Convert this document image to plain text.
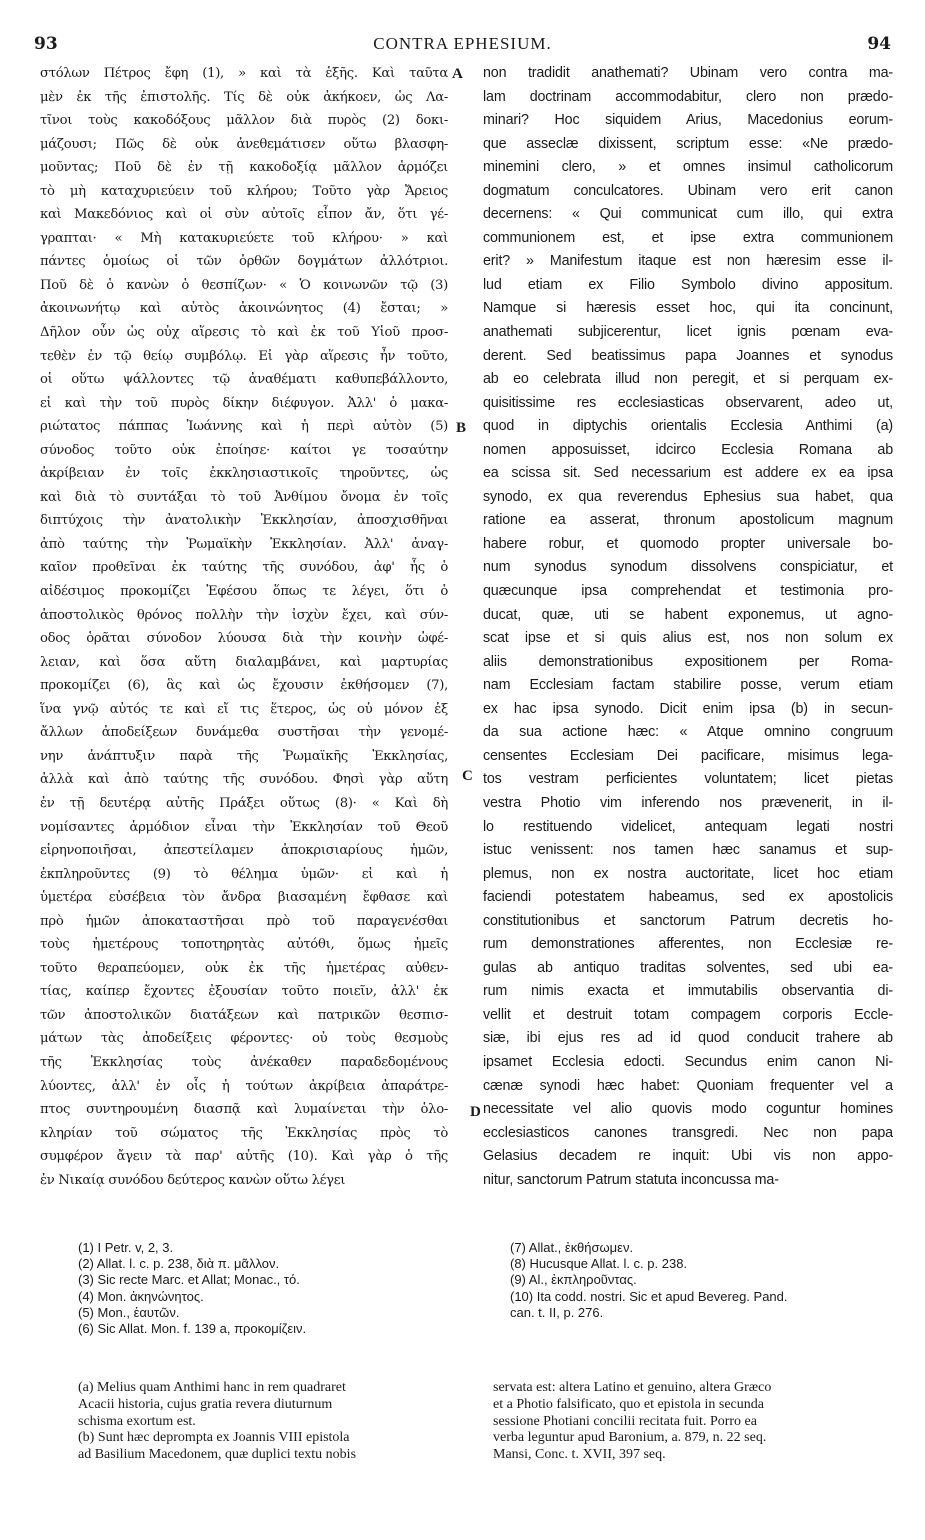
93	CONTRA EPHESIUM.	94
στόλων Πέτρος ἔφη (1), » καὶ τὰ ἑξῆς. Καὶ ταῦτα
μὲν ἐκ τῆς ἐπιστολῆς. Τίς δὲ οὐκ ἀκήκοεν, ὡς Λα-
τῖνοι τοὺς κακοδόξους μᾶλλον διὰ πυρὸς (2) δοκι-
μάζουσι; Πῶς δὲ οὐκ ἀνεθεμάτισεν οὕτω βλασφη-
μοῦντας; Ποῦ δὲ ἐν τῇ κακοδοξίᾳ μᾶλλον ἁρμόζει
τὸ μὴ καταχυριεύειν τοῦ κλήρου; Τοῦτο γὰρ Ἄρειος
καὶ Μακεδόνιος καὶ οἱ σὺν αὐτοῖς εἶπον ἄν, ὅτι γέ-
γραπται· « Μὴ κατακυριεύετε τοῦ κλήρου· » καὶ
πάντες ὁμοίως οἱ τῶν ὀρθῶν δογμάτων ἀλλότριοι.
Ποῦ δὲ ὁ κανὼν ὁ θεσπίζων· « Ὁ κοινωνῶν τῷ (3)
ἀκοινωνήτῳ καὶ αὐτὸς ἀκοινώνητος (4) ἔσται; »
Δῆλον οὖν ὡς οὐχ αἵρεσις τὸ καὶ ἐκ τοῦ Υἱοῦ προσ-
τεθὲν ἐν τῷ θείῳ συμβόλῳ. Εἰ γὰρ αἵρεσις ἦν τοῦτο,
οἱ οὕτω ψάλλοντες τῷ ἀναθέματι καθυπεβάλλοντο,
εἰ καὶ τὴν τοῦ πυρὸς δίκην διέφυγον. Ἀλλ' ὁ μακα-
ριώτατος πάππας Ἰωάννης καὶ ἡ περὶ αὐτὸν (5)
σύνοδος τοῦτο οὐκ ἐποίησε· καίτοι γε τοσαύτην
ἀκρίβειαν ἐν τοῖς ἐκκλησιαστικοῖς τηροῦντες, ὡς
καὶ διὰ τὸ συντάξαι τὸ τοῦ Ἀνθίμου ὄνομα ἐν τοῖς
διπτύχοις τὴν ἀνατολικὴν Ἐκκλησίαν, ἀποσχισθῆναι
ἀπὸ ταύτης τὴν Ῥωμαϊκὴν Ἐκκλησίαν. Ἀλλ' ἀναγ-
καῖον προθεῖναι ἐκ ταύτης τῆς συνόδου, ἀφ' ἧς ὁ
αἰδέσιμος προκομίζει Ἐφέσου ὅπως τε λέγει, ὅτι ὁ
ἀποστολικὸς θρόνος πολλὴν τὴν ἰσχὺν ἔχει, καὶ σύν-
οδος ὁρᾶται σύνοδον λύουσα διὰ τὴν κοινὴν ὠφέ-
λειαν, καὶ ὅσα αὕτη διαλαμβάνει, καὶ μαρτυρίας
προκομίζει (6), ἃς καὶ ὡς ἔχουσιν ἐκθήσομεν (7),
ἵνα γνῷ αὐτός τε καὶ εἴ τις ἕτερος, ὡς οὐ μόνον ἐξ
ἄλλων ἀποδείξεων δυνάμεθα συστῆσαι τὴν γενομέ-
νην ἀνάπτυξιν παρὰ τῆς Ῥωμαϊκῆς Ἐκκλησίας,
ἀλλὰ καὶ ἀπὸ ταύτης τῆς συνόδου. Φησὶ γὰρ αὕτη
ἐν τῇ δευτέρᾳ αὐτῆς Πράξει οὕτως (8)· « Καὶ δὴ
νομίσαντες ἁρμόδιον εἶναι τὴν Ἐκκλησίαν τοῦ Θεοῦ
εἰρηνοποιῆσαι, ἀπεστείλαμεν ἀποκρισιαρίους ἡμῶν,
ἐκπληροῦντες (9) τὸ θέλημα ὑμῶν· εἰ καὶ ἡ
ὑμετέρα εὐσέβεια τὸν ἄνδρα βιασαμένη ἔφθασε καὶ
πρὸ ἡμῶν ἀποκαταστῆσαι πρὸ τοῦ παραγενέσθαι
τοὺς ἡμετέρους τοποτηρητὰς αὐτόθι, ὅμως ἡμεῖς
τοῦτο θεραπεύομεν, οὐκ ἐκ τῆς ἡμετέρας αὐθεν-
τίας, καίπερ ἔχοντες ἐξουσίαν τοῦτο ποιεῖν, ἀλλ' ἐκ
τῶν ἀποστολικῶν διατάξεων καὶ πατρικῶν θεσπισ-
μάτων τὰς ἀποδείξεις φέροντες· οὐ τοὺς θεσμοὺς
τῆς Ἐκκλησίας τοὺς ἀνέκαθεν παραδεδομένους
λύοντες, ἀλλ' ἐν οἷς ἡ τούτων ἀκρίβεια ἀπαράτρε-
πτος συντηρουμένη διασπᾷ καὶ λυμαίνεται τὴν ὁλο-
κληρίαν τοῦ σώματος τῆς Ἐκκλησίας πρὸς τὸ
συμφέρον ἄγειν τὰ παρ' αὐτῆς (10). Καὶ γὰρ ὁ τῆς
ἐν Νικαίᾳ συνόδου δεύτερος κανὼν οὕτω λέγει
non tradidit anathemati? Ubinam vero contra ma-
lam doctrinam accommodabitur, clero non prædo-
minari? Hoc siquidem Arius, Macedonius eorum-
que asseclæ dixissent, scriptum esse: «Ne prædo-
minemini clero, » et omnes insimul catholicorum
dogmatum conculcatores. Ubinam vero erit canon
decernens: « Qui communicat cum illo, qui extra
communionem est, et ipse extra communionem
erit? » Manifestum itaque est non hæresim esse il-
lud etiam ex Filio Symbolo divino appositum.
Namque si hæresis esset hoc, qui ita concinunt,
anathemati subjicerentur, licet ignis pœnam eva-
derent. Sed beatissimus papa Joannes et synodus
ab eo celebrata illud non peregit, et si perquam ex-
quisitissime res ecclesiasticas observarent, adeo ut,
quod in diptychis orientalis Ecclesia Anthimi (a)
nomen apposuisset, idcirco Ecclesia Romana ab
ea scissa sit. Sed necessarium est addere ex ea ipsa
synodo, ex qua reverendus Ephesius sua habet, qua
ratione ea asserat, thronum apostolicum magnum
habere robur, et quomodo propter universale bo-
num synodus synodum dissolvens conspiciatur, et
quæcunque ipsa comprehendat et testimonia pro-
ducat, quæ, uti se habent exponemus, ut agno-
scat ipse et si quis alius est, nos non solum ex
aliis demonstrationibus expositionem per Roma-
nam Ecclesiam factam stabilire posse, verum etiam
ex hac ipsa synodo. Dicit enim ipsa (b) in secun-
da sua actione hæc: « Atque omnino congruum
censentes Ecclesiam Dei pacificare, misimus lega-
tos vestram perficientes voluntatem; licet pietas
vestra Photio vim inferendo nos prævenerit, in il-
lo restituendo videlicet, antequam legati nostri
istuc venissent: nos tamen hæc sanamus et sup-
plemus, non ex nostra auctoritate, licet hoc etiam
faciendi potestatem habeamus, sed ex apostolicis
constitutionibus et sanctorum Patrum decretis ho-
rum demonstrationes afferentes, non Ecclesiæ re-
gulas ab antiquo traditas solventes, sed ubi ea-
rum nimis exacta et immutabilis observantia di-
vellit et destruit totam compagem corporis Eccle-
siæ, ibi ejus res ad id quod conducit trahere ab
ipsamet Ecclesia edocti. Secundus enim canon Ni-
cænæ synodi hæc habet: Quoniam frequenter vel a
necessitate vel alio quovis modo coguntur homines
ecclesiasticos canones transgredi. Nec non papa
Gelasius decadem re inquit: Ubi vis non appo-
nitur, sanctorum Patrum statuta inconcussa ma-
A
B
C
D
(1) I Petr. v, 2, 3.
(2) Allat. l. c. p. 238, διὰ π. μᾶλλον.
(3) Sic recte Marc. et Allat; Monac., τό.
(4) Mon. ἀκηνώνητος.
(5) Mon., ἑαυτῶν.
(6) Sic Allat. Mon. f. 139 a, προκομίζειν.
(7) Allat., ἐκθήσωμεν.
(8) Hucusque Allat. l. c. p. 238.
(9) Al., ἐκπληροῦντας.
(10) Ita codd. nostri. Sic et apud Bevereg. Pand.
can. t. II, p. 276.
(a) Melius quam Anthimi hanc in rem quadraret
Acacii historia, cujus gratia revera diuturnum
schisma exortum est.
(b) Sunt hæc deprompta ex Joannis VIII epistola
ad Basilium Macedonem, quæ duplici textu nobis
servata est: altera Latino et genuino, altera Græco
et a Photio falsificato, quo et epistola in secunda
sessione Photiani concilii recitata fuit. Porro ea
verba leguntur apud Baronium, a. 879, n. 22 seq.
Mansi, Conc. t. XVII, 397 seq.
